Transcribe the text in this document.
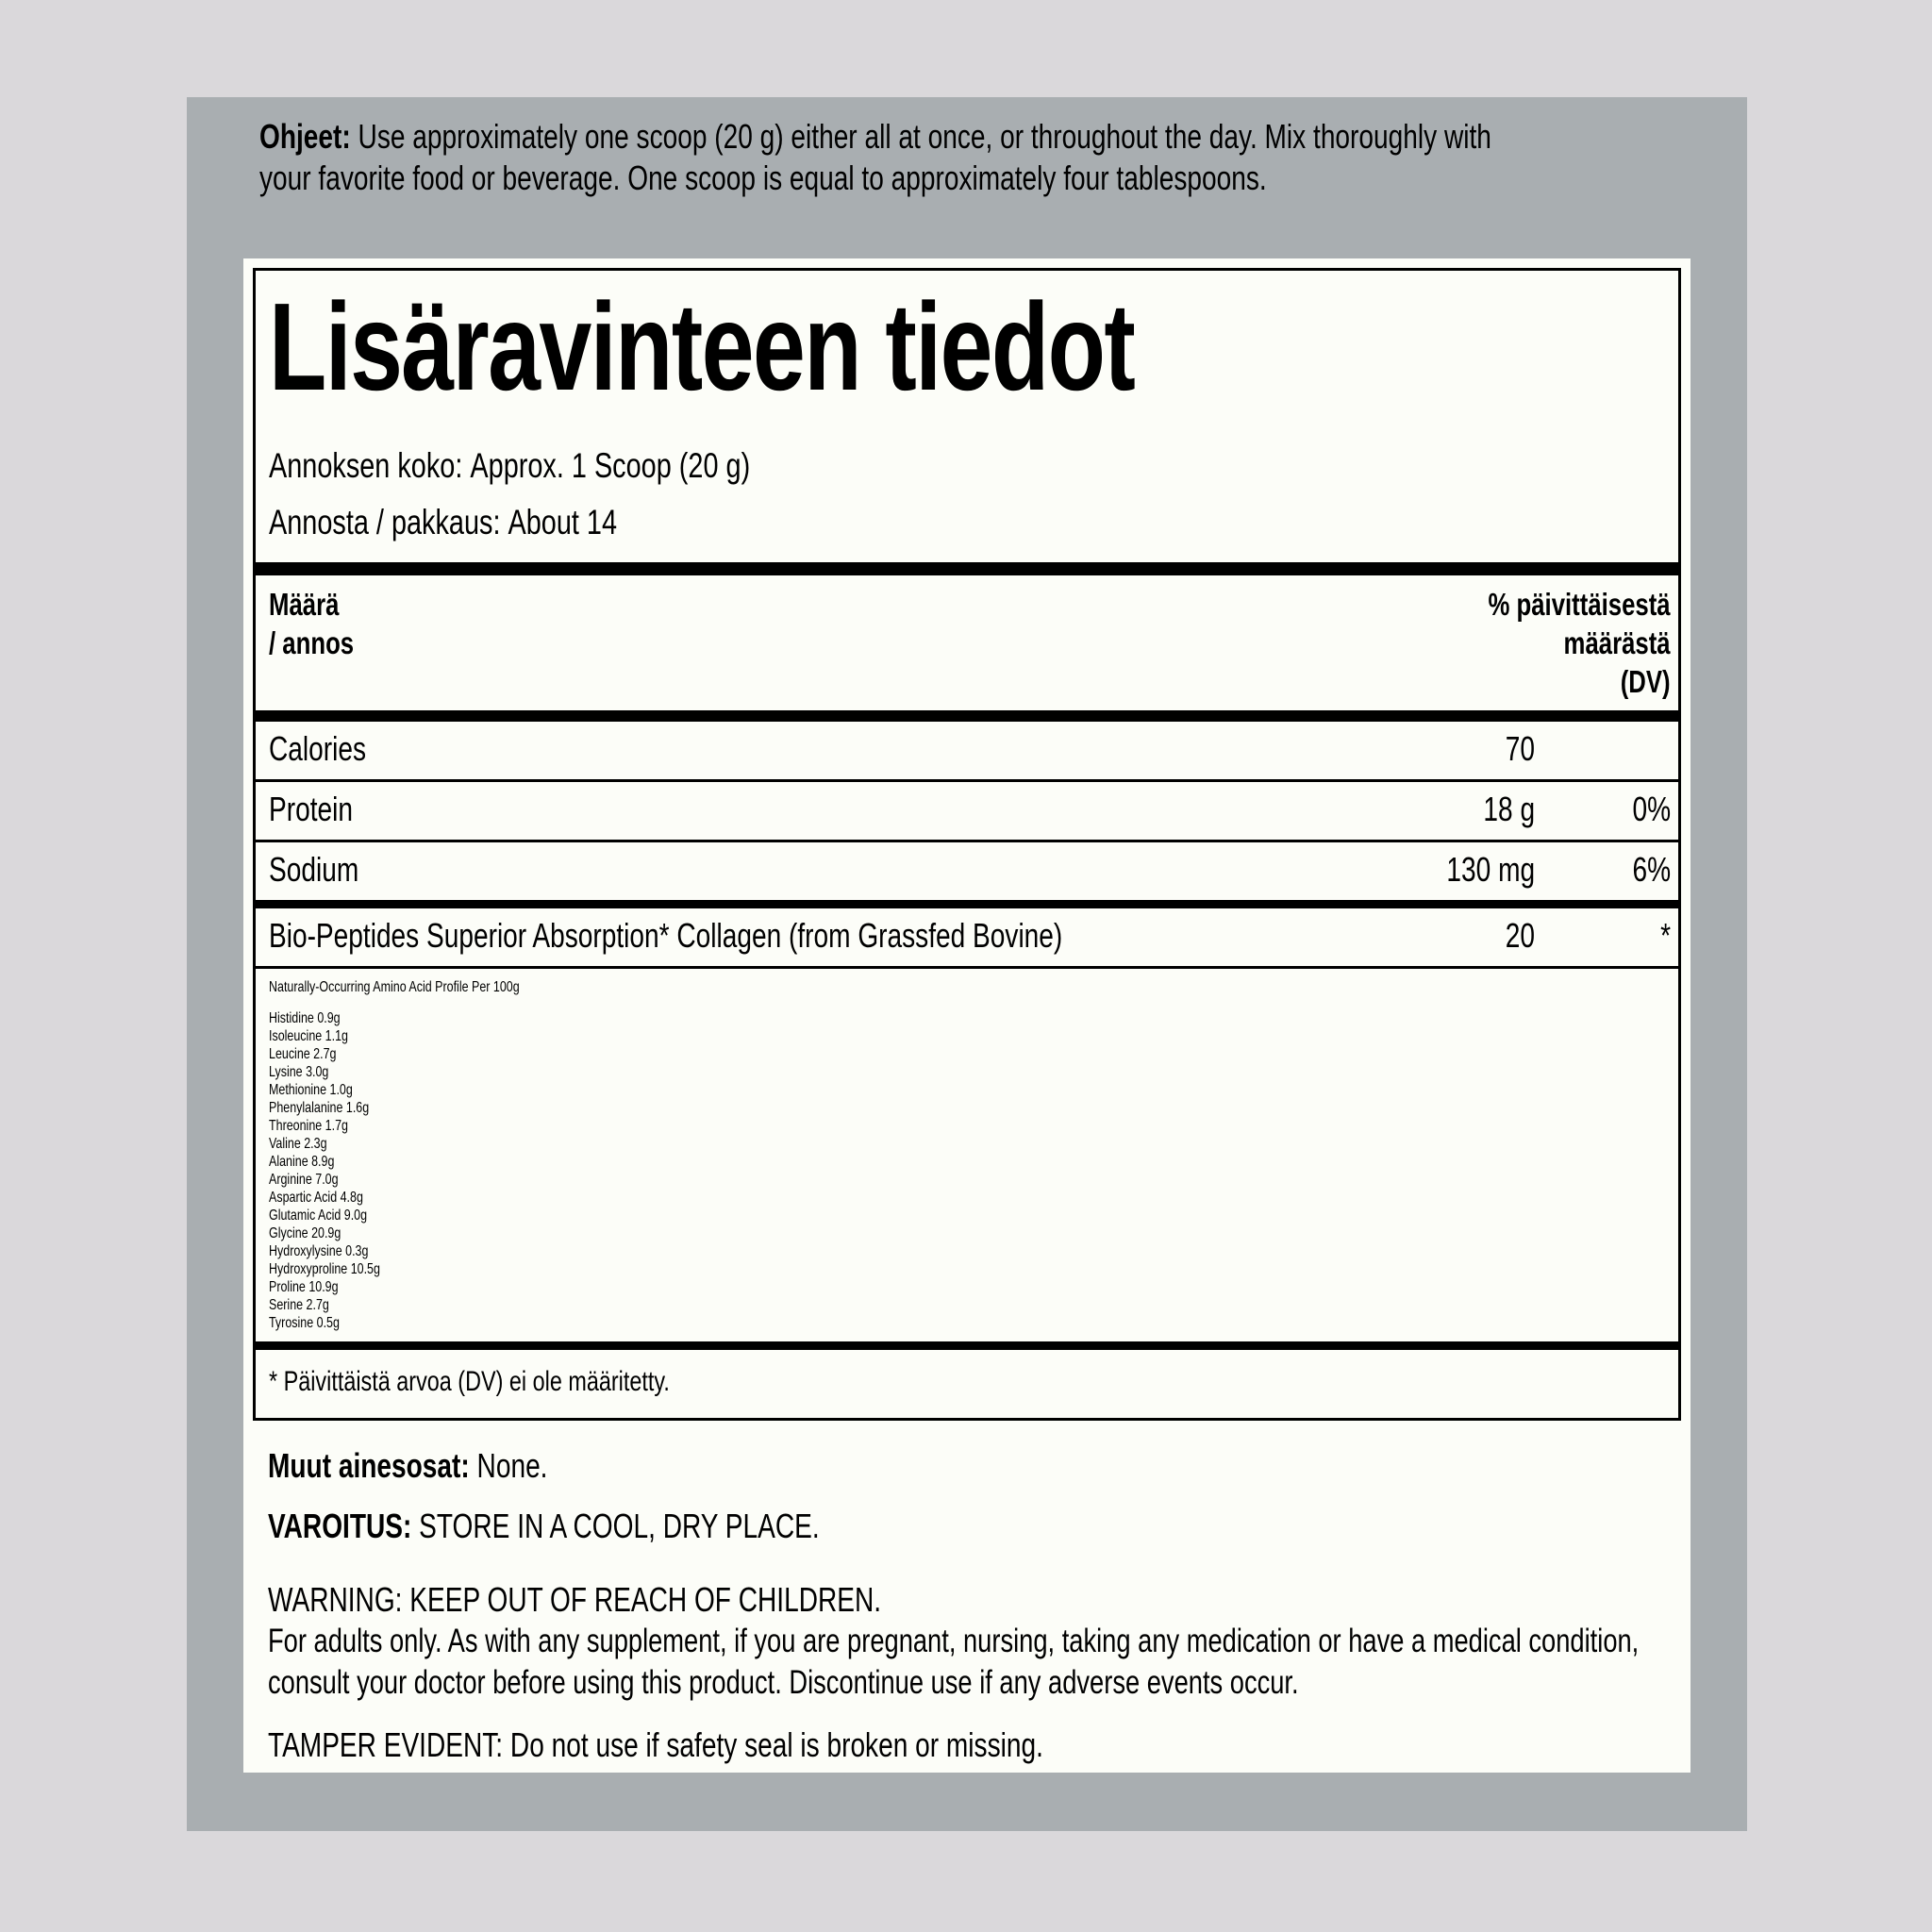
Ohjeet: Use approximately one scoop (20 g) either all at once, or throughout the day. Mix thoroughly with
your favorite food or beverage. One scoop is equal to approximately four tablespoons.
Lisäravinteen tiedot
Annoksen koko: Approx. 1 Scoop (20 g)
Annosta / pakkaus: About 14
Määrä
/ annos
% päivittäisestä
määrästä
(DV)
Calories	70
Protein	18 g	0%
Sodium	130 mg	6%
Bio-Peptides Superior Absorption* Collagen (from Grassfed Bovine)	20	*
Naturally-Occurring Amino Acid Profile Per 100g
Histidine 0.9g
Isoleucine 1.1g
Leucine 2.7g
Lysine 3.0g
Methionine 1.0g
Phenylalanine 1.6g
Threonine 1.7g
Valine 2.3g
Alanine 8.9g
Arginine 7.0g
Aspartic Acid 4.8g
Glutamic Acid 9.0g
Glycine 20.9g
Hydroxylysine 0.3g
Hydroxyproline 10.5g
Proline 10.9g
Serine 2.7g
Tyrosine 0.5g
* Päivittäistä arvoa (DV) ei ole määritetty.
Muut ainesosat: None.
VAROITUS: STORE IN A COOL, DRY PLACE.
WARNING: KEEP OUT OF REACH OF CHILDREN.
For adults only. As with any supplement, if you are pregnant, nursing, taking any medication or have a medical condition,
consult your doctor before using this product. Discontinue use if any adverse events occur.
TAMPER EVIDENT: Do not use if safety seal is broken or missing.
